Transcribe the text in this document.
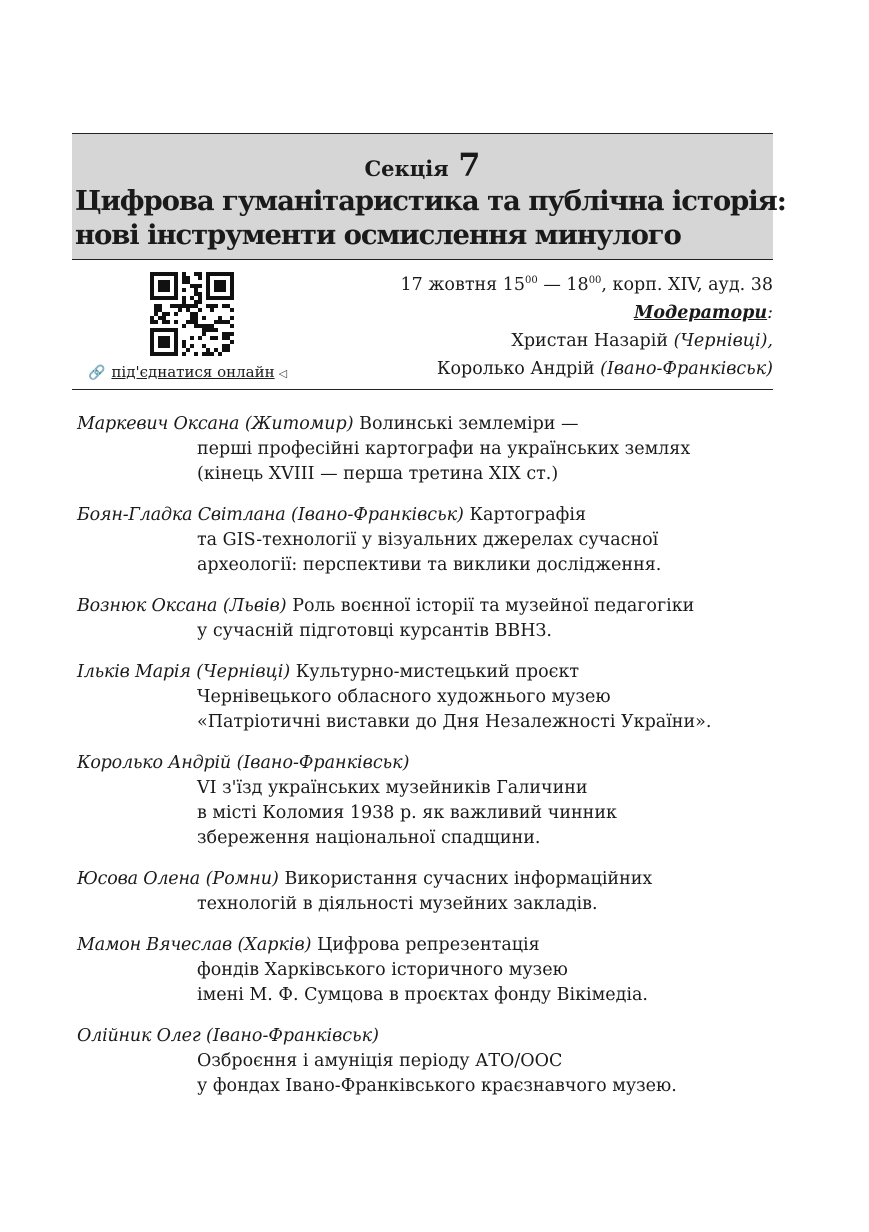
Секція 7
Цифрова гуманітаристика та публічна історія:
нові інструменти осмислення минулого
🔗 під'єднатися онлайн ◁
17 жовтня $15^{00}$ — $18^{00}$, корп. XIV, ауд. 38
Модератори:
Христан Назарій (Чернівці),
Королько Андрій (Івано-Франківськ)
Маркевич Оксана (Житомир) Волинські землеміри —
перші професійні картографи на українських землях
(кінець XVIII — перша третина XIX ст.)
Боян-Гладка Світлана (Івано-Франківськ) Картографія
та GIS-технології у візуальних джерелах сучасної
археології: перспективи та виклики дослідження.
Вознюк Оксана (Львів) Роль воєнної історії та музейної педагогіки
у сучасній підготовці курсантів ВВНЗ.
Ільків Марія (Чернівці) Культурно-мистецький проєкт
Чернівецького обласного художнього музею
«Патріотичні виставки до Дня Незалежності України».
Королько Андрій (Івано-Франківськ)
VI з'їзд українських музейників Галичини
в місті Коломия 1938 р. як важливий чинник
збереження національної спадщини.
Юсова Олена (Ромни) Використання сучасних інформаційних
технологій в діяльності музейних закладів.
Мамон Вячеслав (Харків) Цифрова репрезентація
фондів Харківського історичного музею
імені М. Ф. Сумцова в проєктах фонду Вікімедіа.
Олійник Олег (Івано-Франківськ)
Озброєння і амуніція періоду АТО/ООС
у фондах Івано-Франківського краєзнавчого музею.
